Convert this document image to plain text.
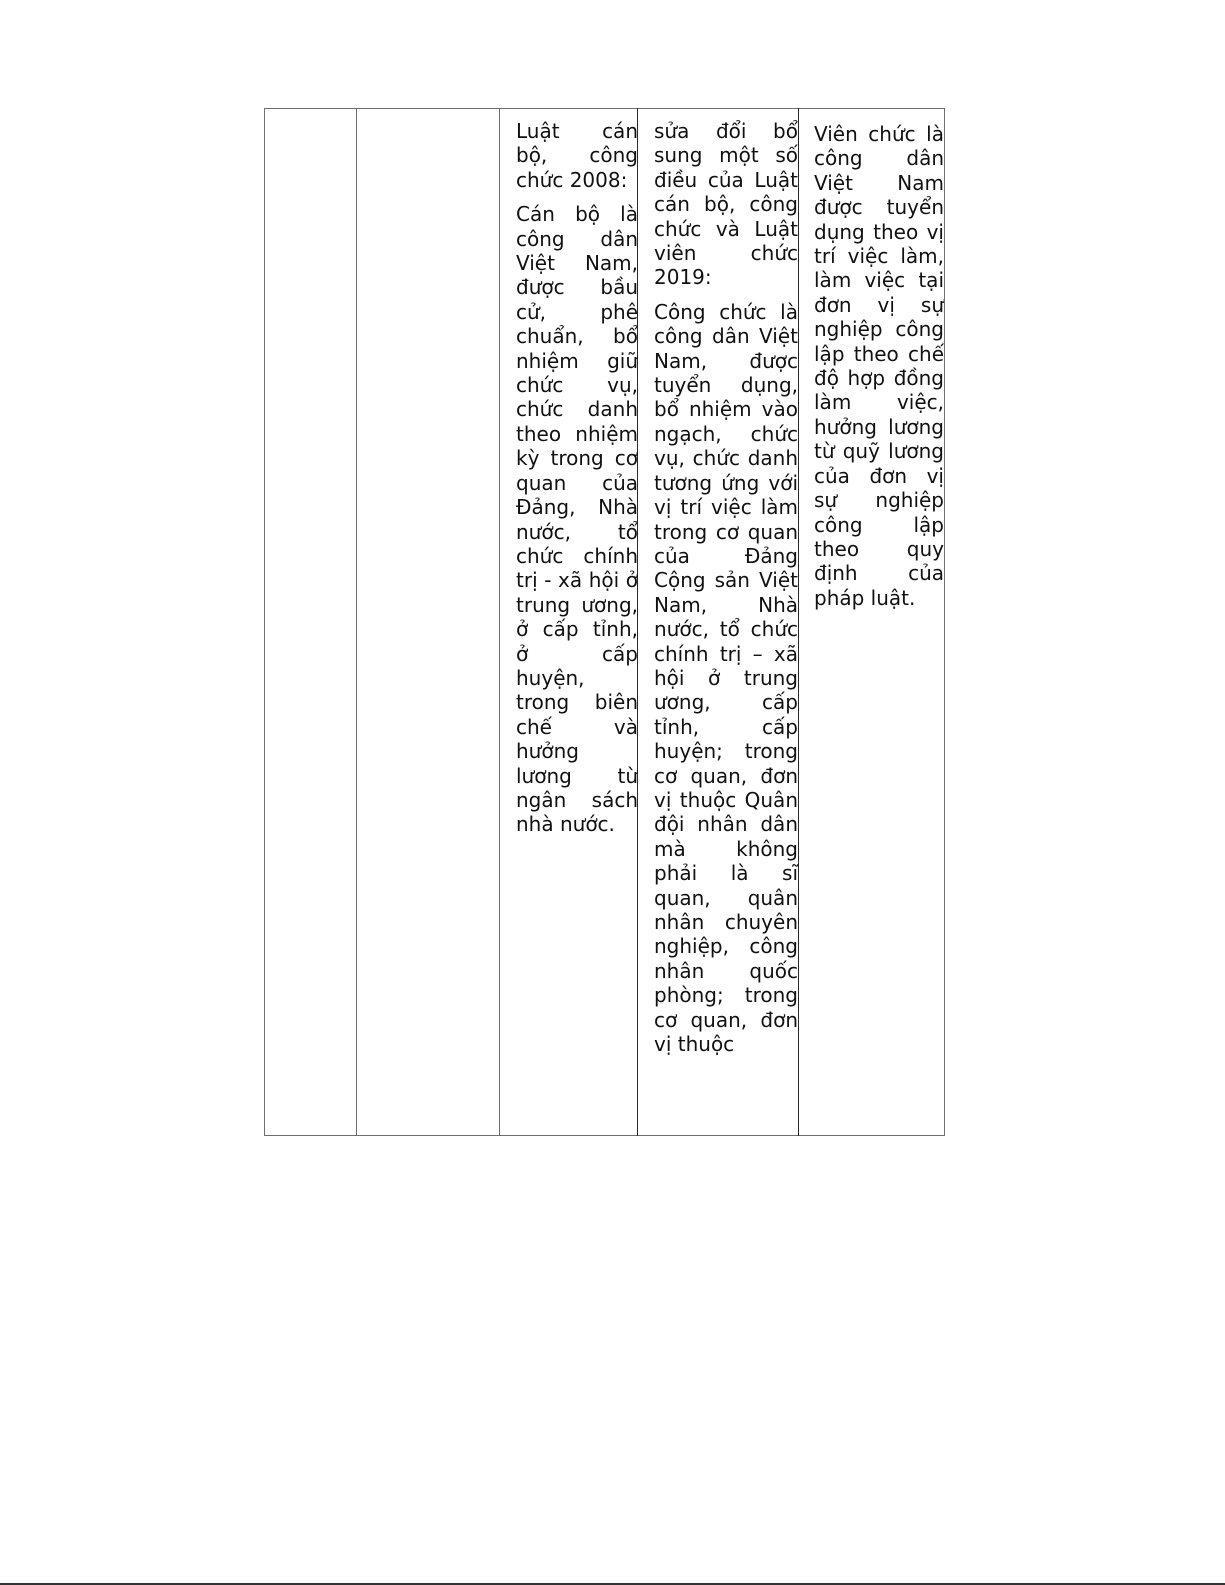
Luật cán bộ, công chức 2008:

Cán bộ là công dân Việt Nam, được bầu cử, phê chuẩn, bổ nhiệm giữ chức vụ, chức danh theo nhiệm kỳ trong cơ quan của Đảng, Nhà nước, tổ chức chính trị - xã hội ở trung ương, ở cấp tỉnh, ở cấp huyện, trong biên chế và hưởng lương từ ngân sách nhà nước.

sửa đổi bổ sung một số điều của Luật cán bộ, công chức và Luật viên chức 2019:

Công chức là công dân Việt Nam, được tuyển dụng, bổ nhiệm vào ngạch, chức vụ, chức danh tương ứng với vị trí việc làm trong cơ quan của Đảng Cộng sản Việt Nam, Nhà nước, tổ chức chính trị – xã hội ở trung ương, cấp tỉnh, cấp huyện; trong cơ quan, đơn vị thuộc Quân đội nhân dân mà không phải là sĩ quan, quân nhân chuyên nghiệp, công nhân quốc phòng; trong cơ quan, đơn vị thuộc

Viên chức là công dân Việt Nam được tuyển dụng theo vị trí việc làm, làm việc tại đơn vị sự nghiệp công lập theo chế độ hợp đồng làm việc, hưởng lương từ quỹ lương của đơn vị sự nghiệp công lập theo quy định của pháp luật.
